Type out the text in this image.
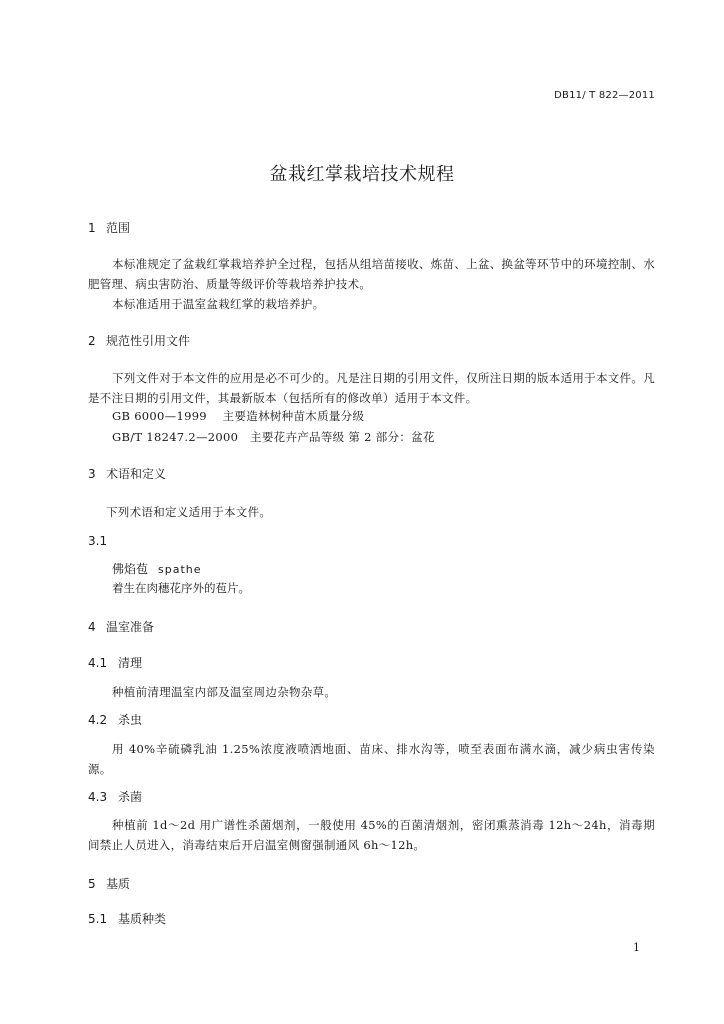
DB11/ T 822—2011
盆栽红掌栽培技术规程
1 范围
本标准规定了盆栽红掌栽培养护全过程，包括从组培苗接收、炼苗、上盆、换盆等环节中的环境控制、水肥管理、病虫害防治、质量等级评价等栽培养护技术。
本标准适用于温室盆栽红掌的栽培养护。
2 规范性引用文件
下列文件对于本文件的应用是必不可少的。凡是注日期的引用文件，仅所注日期的版本适用于本文件。凡是不注日期的引用文件，其最新版本（包括所有的修改单）适用于本文件。
GB 6000—1999　 主要造林树种苗木质量分级
GB/T 18247.2—2000　主要花卉产品等级 第 2 部分：盆花
3 术语和定义
下列术语和定义适用于本文件。
3.1
佛焰苞 spathe
着生在肉穗花序外的苞片。
4 温室准备
4.1 清理
种植前清理温室内部及温室周边杂物杂草。
4.2 杀虫
用 40%辛硫磷乳油 1.25%浓度液喷洒地面、苗床、排水沟等，喷至表面布满水滴，减少病虫害传染源。
4.3 杀菌
种植前 1d～2d 用广谱性杀菌烟剂，一般使用 45%的百菌清烟剂，密闭熏蒸消毒 12h～24h，消毒期间禁止人员进入，消毒结束后开启温室侧窗强制通风 6h～12h。
5 基质
5.1 基质种类
1
